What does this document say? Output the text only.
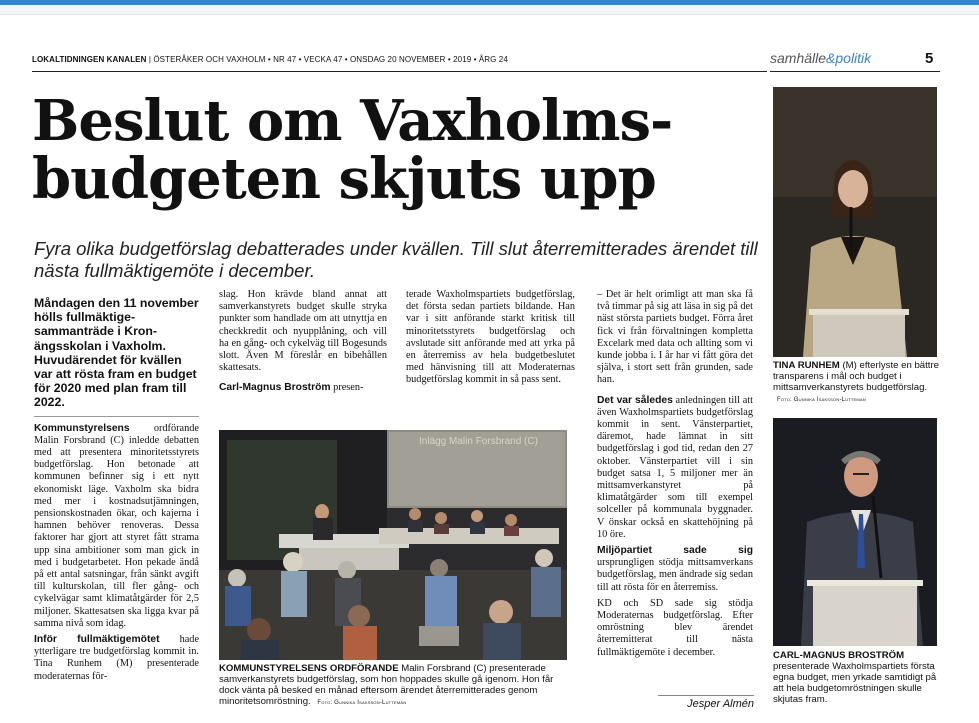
LOKALTIDNINGEN KANALEN | ÖSTERÅKER OCH VAXHOLM • NR 47 • VECKA 47 • ONSDAG 20 NOVEMBER • 2019 • ÅRG 24	samhälle&politik	5
Beslut om Vaxholms-budgeten skjuts upp
Fyra olika budgetförslag debatterades under kvällen. Till slut återremitterades ärendet till nästa fullmäktigemöte i december.

Måndagen den 11 november hölls fullmäktigesammanträde i Kronängsskolan i Vaxholm. Huvudärendet för kvällen var att rösta fram en budget för 2020 med plan fram till 2022.

Kommunstyrelsens ordförande Malin Forsbrand (C) inledde debatten med att presentera minoritetsstyrets budgetförslag. Hon betonade att kommunen befinner sig i ett nytt ekonomiskt läge. Vaxholm ska bidra med mer i kostnadsutjämningen, pensionskostnaden ökar, och kajerna i hamnen behöver renoveras. Dessa faktorer har gjort att styret fått strama upp sina ambitioner som man gick in med i budgetarbetet. Hon pekade ändå på ett antal satsningar, från sänkt avgift till kulturskolan, till fler gång- och cykelvägar samt klimatåtgärder för 2,5 miljoner. Skattesatsen ska ligga kvar på samma nivå som idag.

Inför fullmäktigemötet hade ytterligare tre budgetförslag kommit in. Tina Runhem (M) presenterade moderaternas för-

slag. Hon krävde bland annat att samverkanstyrets budget skulle stryka punkter som handlade om att utnyttja en checkkredit och nyupplåning, och vill ha en gång- och cykelväg till Bogesunds slott. Även M föreslår en bibehållen skattesats.

Carl-Magnus Broström presen-

terade Waxholmspartiets budgetförslag, det första sedan partiets bildande. Han var i sitt anförande starkt kritisk till minoritetsstyrets budgetförslag och avslutade sitt anförande med att yrka på en återremiss av hela budgetbeslutet med hänvisning till att Moderaternas budgetförslag kommit in så pass sent.

– Det är helt orimligt att man ska få två timmar på sig att läsa in sig på det näst största partiets budget. Förra året fick vi från förvaltningen kompletta Excelark med data och allting som vi kunde jobba i. I år har vi fått göra det själva, i stort sett från grunden, sade han.

Det var således anledningen till att även Waxholmspartiets budgetförslag kommit in sent. Vänsterpartiet, däremot, hade lämnat in sitt budgetförslag i god tid, redan den 27 oktober. Vänsterpartiet vill i sin budget satsa 1, 5 miljoner mer än mittsamverkanstyret på klimatåtgärder som till exempel solceller på kommunala byggnader. V önskar också en skattehöjning på 10 öre.

Miljöpartiet sade sig ursprungligen stödja mittsamverkans budgetförslag, men ändrade sig sedan till att rösta för en återremiss.

KD och SD sade sig stödja Moderaternas budgetförslag. Efter omröstning blev ärendet återremitterat till nästa fullmäktigemöte i december.

Jesper Almén
Inlägg Malin Forsbrand (C)
KOMMUNSTYRELSENS ORDFÖRANDE Malin Forsbrand (C) presenterade samverkanstyrets budgetförslag, som hon hoppades skulle gå igenom. Hon får dock vänta på besked en månad eftersom ärendet återremitterades genom minoritetsomröstning. Foto: Gunnika Isaksson-Lutteman
TINA RUNHEM (M) efterlyste en bättre transparens i mål och budget i mittsamverkanstyrets budgetförslag. Foto: Gunnika Isaksson-Lutteman
CARL-MAGNUS BROSTRÖM presenterade Waxholmspartiets första egna budget, men yrkade samtidigt på att hela budgetomröstningen skulle skjutas fram.
